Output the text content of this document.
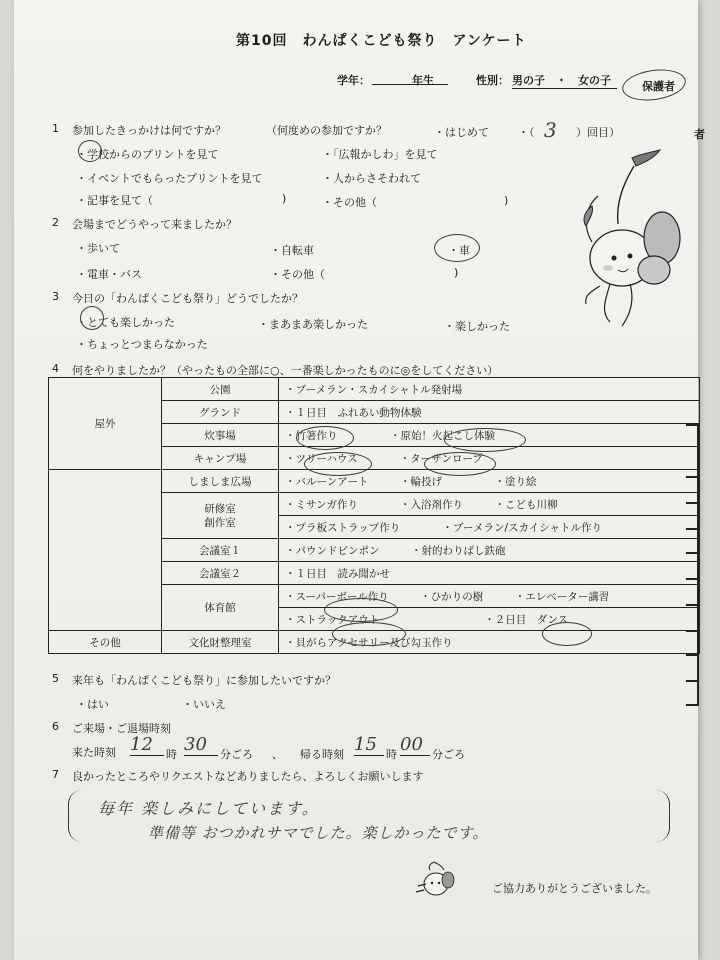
第10回　わんぱくこども祭り　アンケート
学年：	年生	性別： 男の子　・　女の子	保護者
者
1 参加したきっかけは何ですか？	（何度めの参加ですか？	・はじめて	・（ 3 ）回目）
・学校からのプリントを見て	・「広報かしわ」を見て
・イベントでもらったプリントを見て	・人からさそわれて
・記事を見て（	)	・その他（	)
2 会場までどうやって来ましたか？
・歩いて	・自転車	・車
・電車・バス	・その他（	)
3 今日の「わんぱくこども祭り」どうでしたか？
・とても楽しかった	・まあまあ楽しかった	・楽しかった
・ちょっとつまらなかった
4 何をやりましたか？（やったもの全部に○、一番楽しかったものに◎をしてください）
屋外	公園	・ブーメラン・スカイシャトル発射場
	グランド	・１日目　ふれあい動物体験
	炊事場	・竹箸作り　　　　　・原始！火起こし体験
	キャンプ場	・ツリーハウス　　　　・ターザンロープ
	しましま広場	・バルーンアート　　　・輪投げ　　　　　・塗り絵
	研修室
創作室	・ミサンガ作り　　　　・入浴剤作り　　　・こども川柳
		・プラ板ストラップ作り　　　　・ブーメラン/スカイシャトル作り
	会議室１	・パウンドピンポン　　　・射的わりばし鉄砲
	会議室２	・１日目　読み聞かせ
	体育館	・スーパーボール作り　　　・ひかりの樹　　　・エレベーター講習
		・ストラックアウト　　　　　　　　　　・２日目　ダンス
その他	文化財整理室	・貝がらアクセサリー及び勾玉作り
5 来年も「わんぱくこども祭り」に参加したいですか？
・はい	・いいえ
6 ご来場・ご退場時刻
来た時刻 12	時 30	分ごろ 、 帰る時刻 15 時 00 分ごろ
7 良かったところやリクエストなどありましたら、よろしくお願いします
毎年 楽しみにしています。
準備等 おつかれサマでした。楽しかったです。
ご協力ありがとうございました。
